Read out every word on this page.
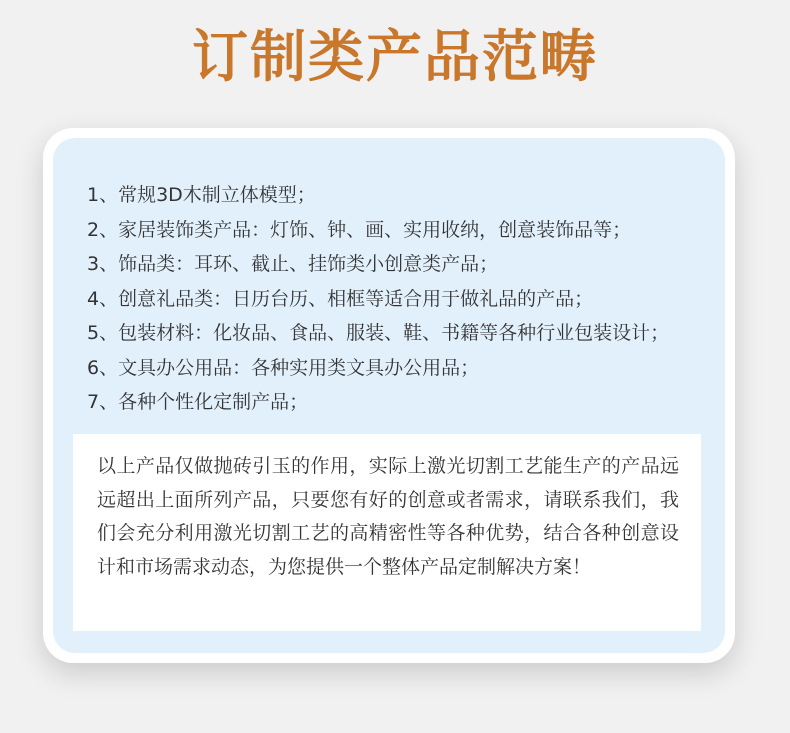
订制类产品范畴
1、常规3D木制立体模型；
2、家居装饰类产品：灯饰、钟、画、实用收纳，创意装饰品等；
3、饰品类：耳环、截止、挂饰类小创意类产品；
4、创意礼品类：日历台历、相框等适合用于做礼品的产品；
5、包装材料：化妆品、食品、服装、鞋、书籍等各种行业包装设计；
6、文具办公用品：各种实用类文具办公用品；
7、各种个性化定制产品；

以上产品仅做抛砖引玉的作用，实际上激光切割工艺能生产的产品远远超出上面所列产品，只要您有好的创意或者需求，请联系我们，我们会充分利用激光切割工艺的高精密性等各种优势，结合各种创意设计和市场需求动态，为您提供一个整体产品定制解决方案！
